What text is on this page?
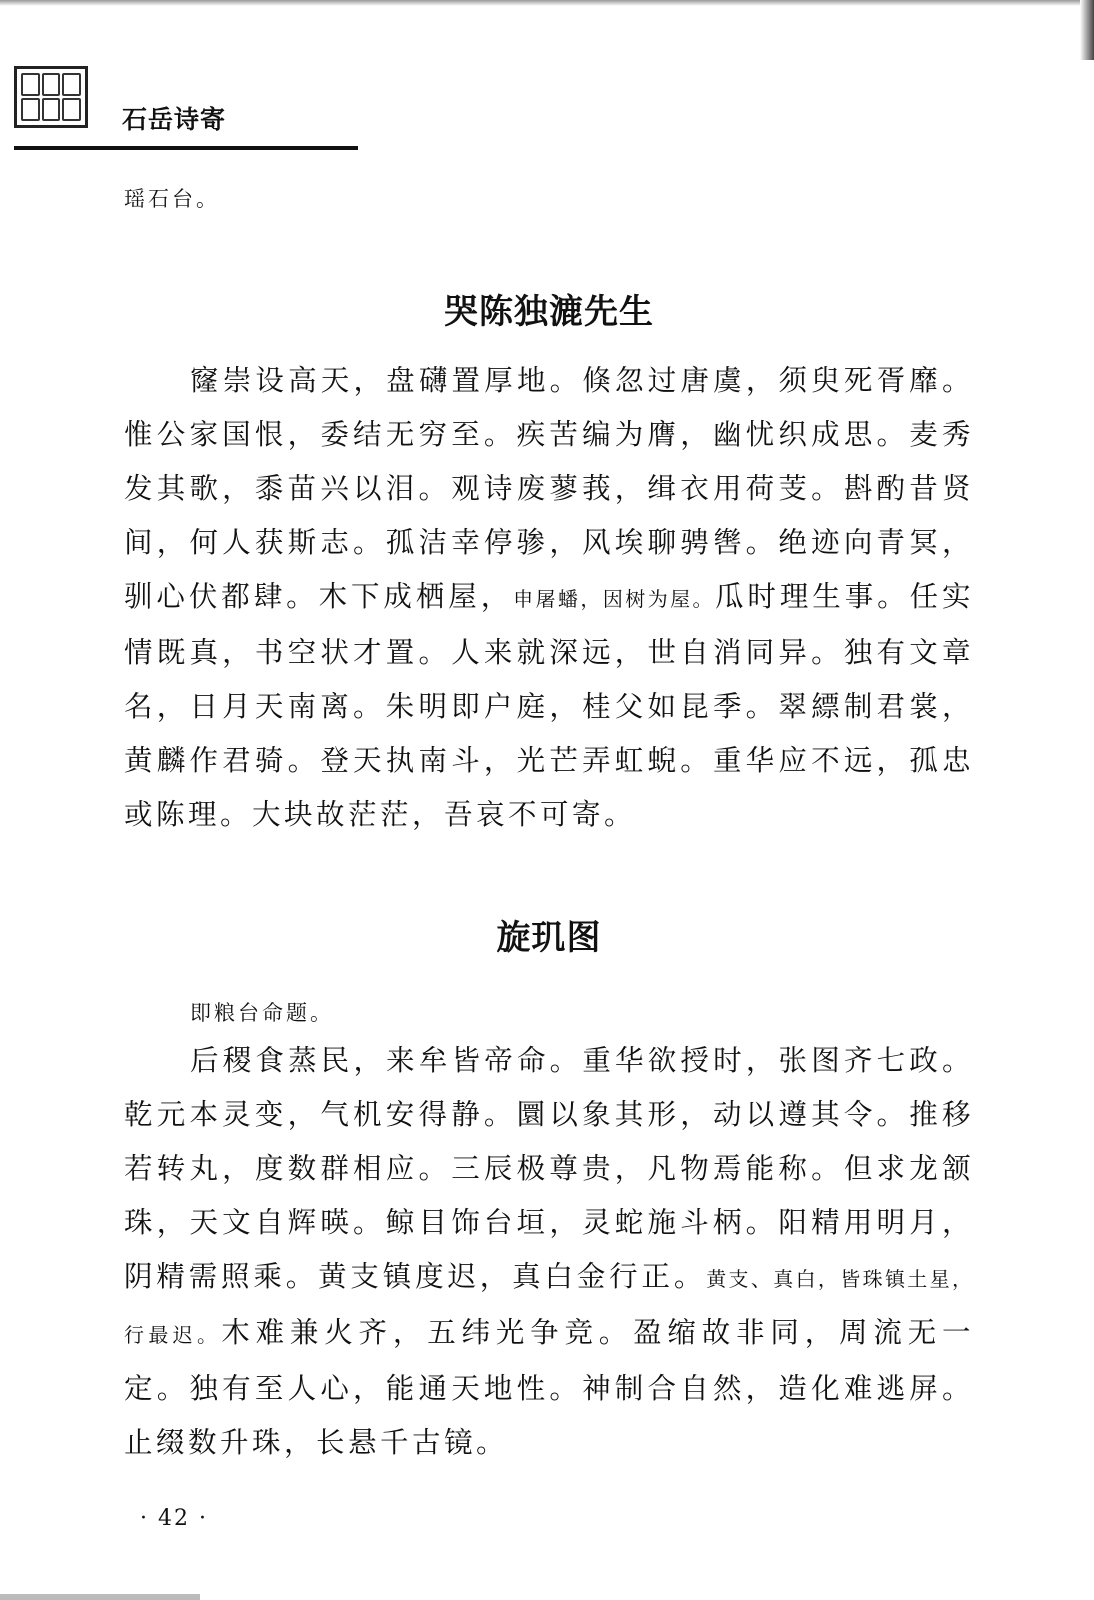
石岳诗寄
瑶石台。
哭陈独漉先生
窿崇设高天，盘礴置厚地。倏忽过唐虞，须臾死胥靡。惟公家国恨，委结无穷至。疾苦编为膺，幽忧织成思。麦秀发其歌，黍苗兴以泪。观诗废蓼莪，缉衣用荷芰。斟酌昔贤间，何人获斯志。孤洁幸停骖，风埃聊骋辔。绝迹向青冥，驯心伏都肆。木下成栖屋，申屠蟠，因树为屋。瓜时理生事。任实情既真，书空状才置。人来就深远，世自消同异。独有文章名，日月天南离。朱明即户庭，桂父如昆季。翠縹制君裳，黄麟作君骑。登天执南斗，光芒弄虹蜺。重华应不远，孤忠或陈理。大块故茫茫，吾哀不可寄。
旋玑图
即粮台命题。
后稷食蒸民，来牟皆帝命。重华欲授时，张图齐七政。乾元本灵变，气机安得静。圜以象其形，动以遵其令。推移若转丸，度数群相应。三辰极尊贵，凡物焉能称。但求龙颔珠，天文自辉暎。鲸目饰台垣，灵蛇施斗柄。阳精用明月，阴精需照乘。黄支镇度迟，真白金行正。黄支、真白，皆珠镇土星，行最迟。木难兼火齐，五纬光争竞。盈缩故非同，周流无一定。独有至人心，能通天地性。神制合自然，造化难逃屏。止缀数升珠，长悬千古镜。
· 42 ·
